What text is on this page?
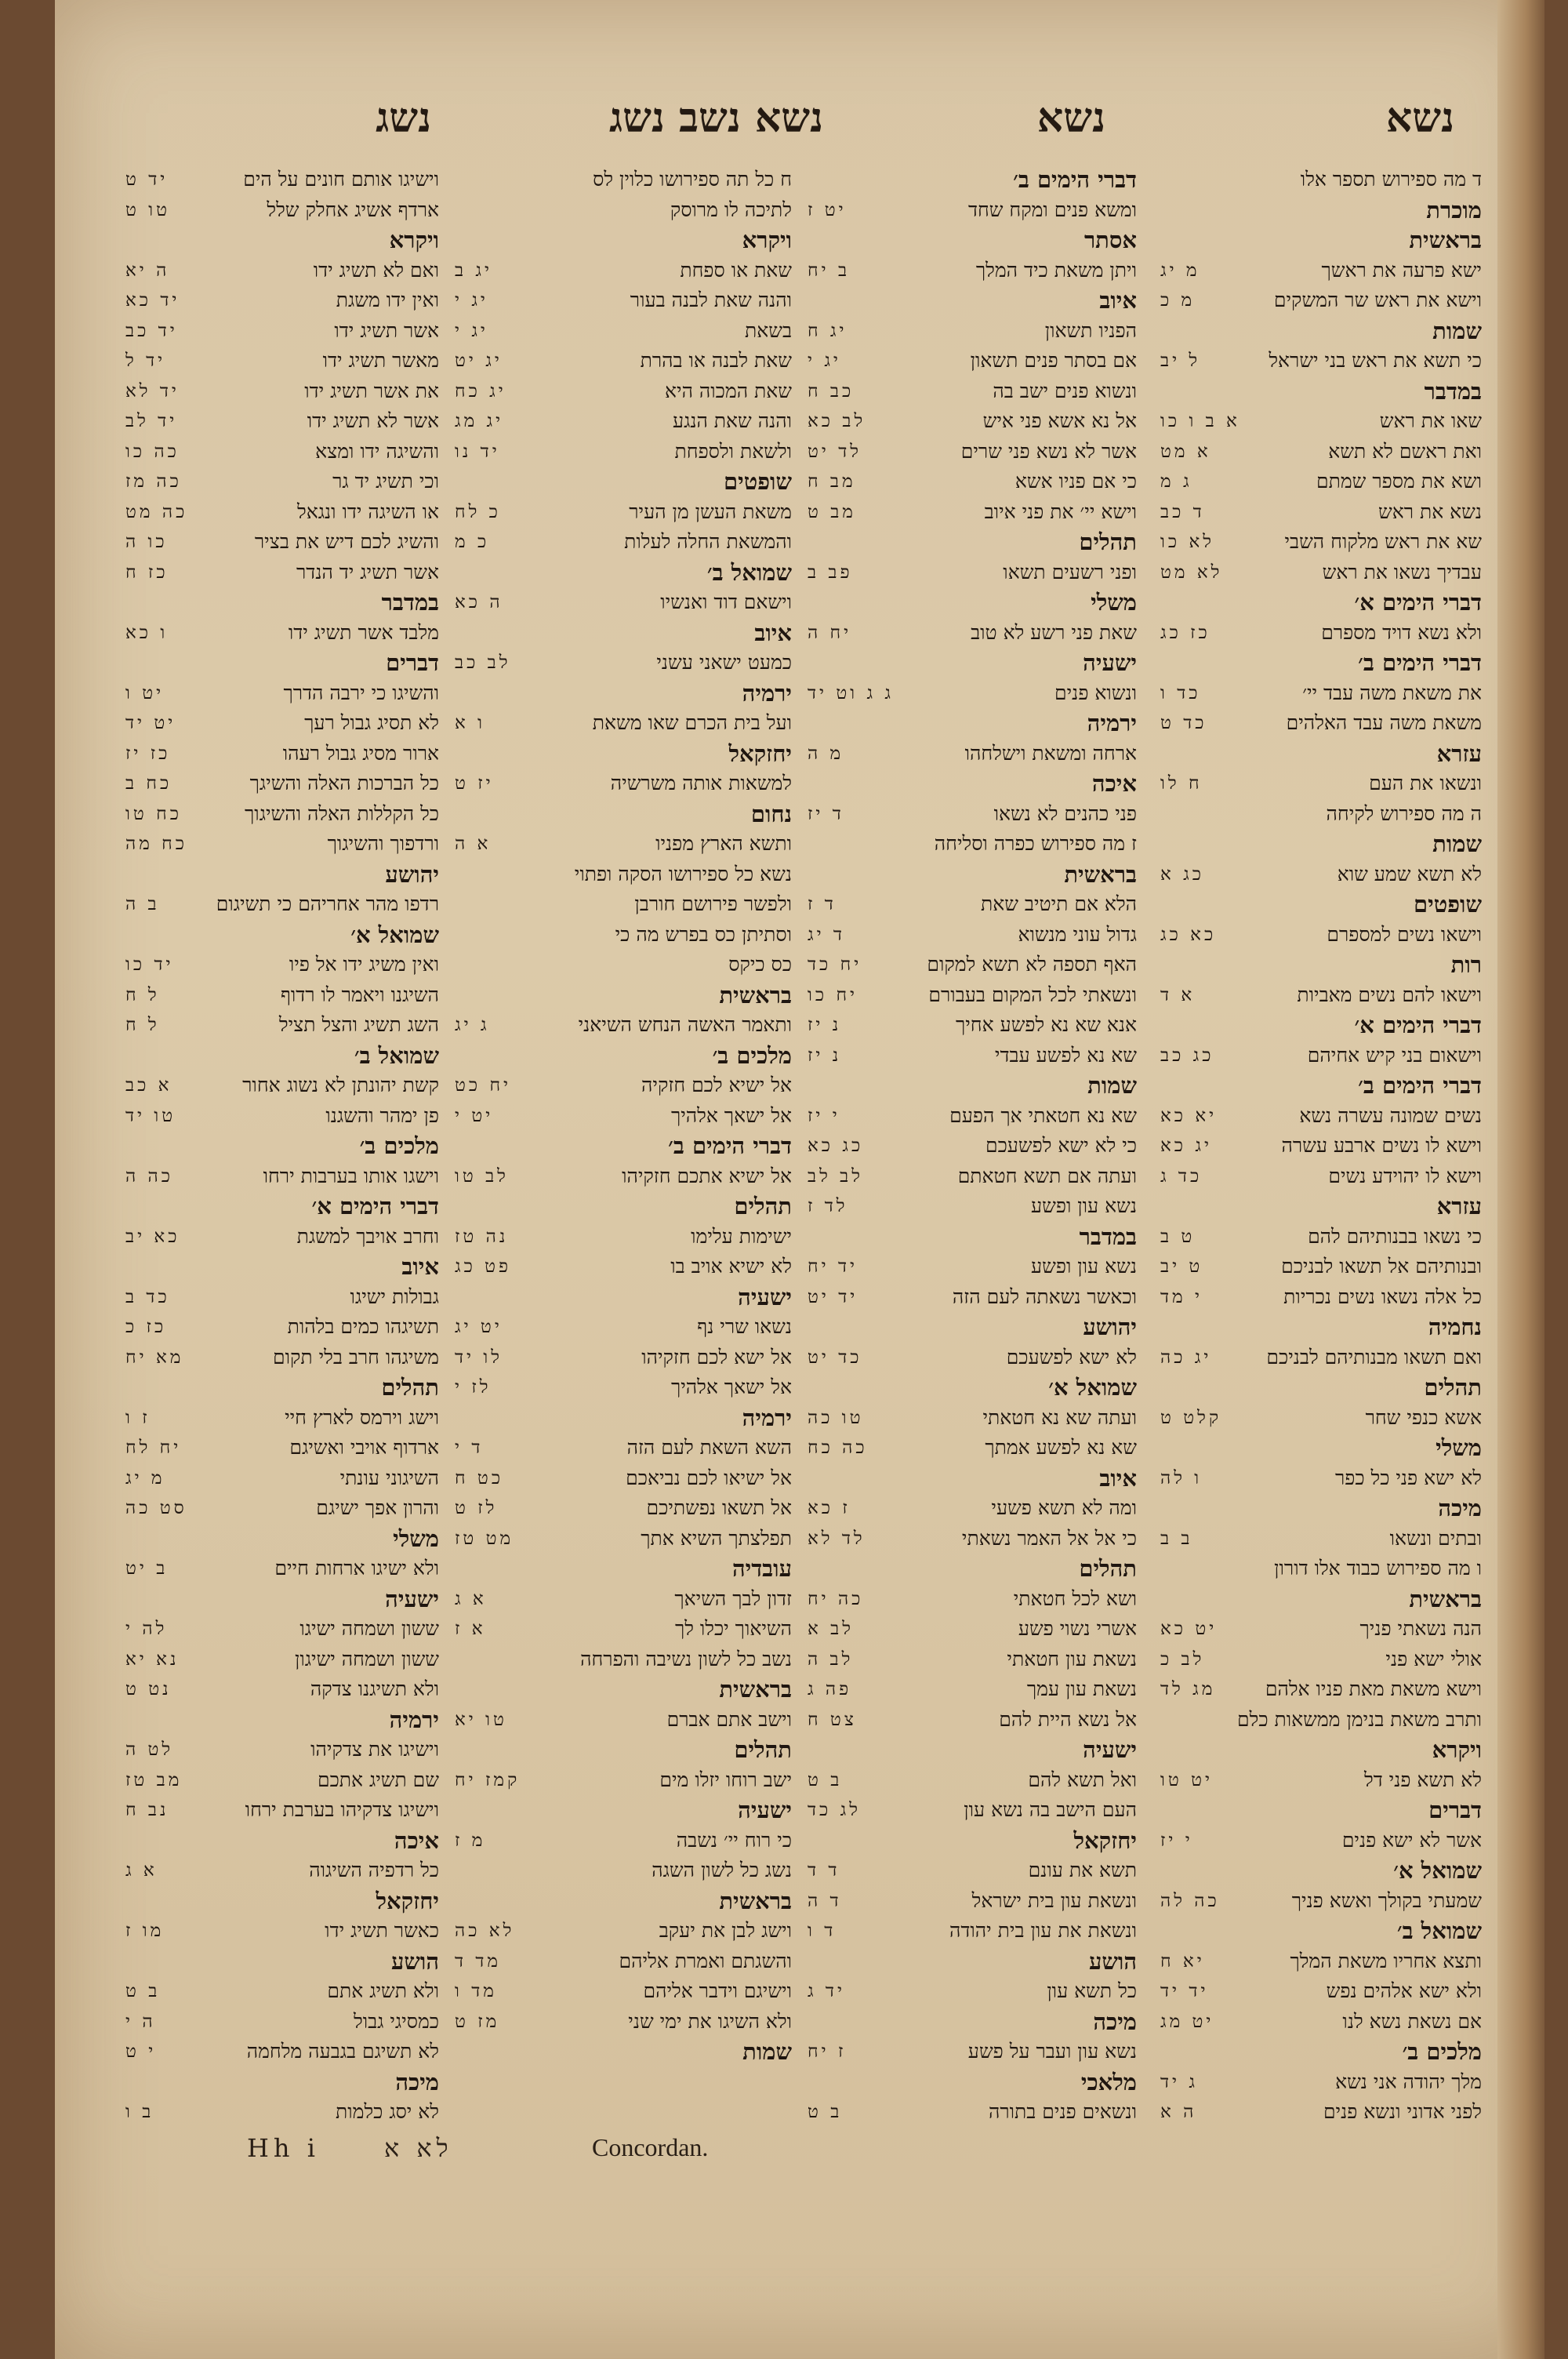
נשא
נשא
נשא נשב נשג
נשג
ד מה ספירוש תספר אלו
מוכרת
בראשית
ישא פרעה את ראשך
מ יג
וישא את ראש שר המשקים
מ כ
שמות
כי תשא את ראש בני ישראל
ל יב
במדבר
שאו את ראש
א ב ו כו
ואת ראשם לא תשא
א מט
ושא את מספר שמתם
ג מ
נשא את ראש
ד כב
שא את ראש מלקוח השבי
לא כו
עבדיך נשאו את ראש
לא מט
דברי הימים א׳
ולא נשא דויד מספרם
כז כג
דברי הימים ב׳
את משאת משה עבד יי׳
כד ו
משאת משה עבד האלהים
כד ט
עזרא
ונשאו את העם
ח לו
ה מה ספירוש לקיחה
שמות
לא תשא שמע שוא
כג א
שופטים
וישאו נשים למספרם
כא כג
רות
וישאו להם נשים מאביות
א ד
דברי הימים א׳
וישאום בני קיש אחיהם
כג כב
דברי הימים ב׳
נשים שמונה עשרה נשא
יא כא
וישא לו נשים ארבע עשרה
יג כא
וישא לו יהוידע נשים
כד ג
עזרא
כי נשאו בבנותיהם להם
ט ב
ובנותיהם אל תשאו לבניכם
ט יב
כל אלה נשאו נשים נכריות
י מד
נחמיה
ואם תשאו מבנותיהם לבניכם
יג כה
תהלים
אשא כנפי שחר
קלט ט
משלי
לא ישא פני כל כפר
ו לה
מיכה
ובתים ונשאו
ב ב
ו מה ספירוש כבוד אלו דורון
בראשית
הנה נשאתי פניך
יט כא
אולי ישא פני
לב כ
וישא משאת מאת פניו אלהם
מג לד
ותרב משאת בנימן ממשאות כלם
ויקרא
לא תשא פני דל
יט טו
דברים
אשר לא ישא פנים
י יז
שמואל א׳
שמעתי בקולך ואשא פניך
כה לה
שמואל ב׳
ותצא אחריו משאת המלך
יא ח
ולא ישא אלהים נפש
יד יד
אם נשאת נשא לנו
יט מג
מלכים ב׳
מלך יהודה אני נשא
ג יד
לפני אדוני ונשא פנים
ה א
דברי הימים ב׳
ומשא פנים ומקח שחד
יט ז
אסתר
ויתן משאת כיד המלך
ב יח
איוב
הפניו תשאון
יג ח
אם בסתר פנים תשאון
יג י
ונשוא פנים ישב בה
כב ח
אל נא אשא פני איש
לב כא
אשר לא נשא פני שרים
לד יט
כי אם פניו אשא
מב ח
וישא יי׳ את פני איוב
מב ט
תהלים
ופני רשעים תשאו
פב ב
משלי
שאת פני רשע לא טוב
יח ה
ישעיה
ונשוא פנים
ג ג וט יד
ירמיה
ארחה ומשאת וישלחהו
מ ה
איכה
פני כהנים לא נשאו
ד יז
ז מה ספירוש כפרה וסליחה
בראשית
הלא אם תיטיב שאת
ד ז
גדול עוני מנשוא
ד יג
האף תספה לא תשא למקום
יח כד
ונשאתי לכל המקום בעבורם
יח כו
אנא שא נא לפשע אחיך
נ יז
שא נא לפשע עבדי
נ יז
שמות
שא נא חטאתי אך הפעם
י יז
כי לא ישא לפשעכם
כג כא
ועתה אם תשא חטאתם
לב לב
נשא עון ופשע
לד ז
במדבר
נשא עון ופשע
יד יח
וכאשר נשאתה לעם הזה
יד יט
יהושע
לא ישא לפשעכם
כד יט
שמואל א׳
ועתה שא נא חטאתי
טו כה
שא נא לפשע אמתך
כה כח
איוב
ומה לא תשא פשעי
ז כא
כי אל אל האמר נשאתי
לד לא
תהלים
ושא לכל חטאתי
כה יח
אשרי נשוי פשע
לב א
נשאת עון חטאתי
לב ה
נשאת עון עמך
פה ג
אל נשא היית להם
צט ח
ישעיה
ואל תשא להם
ב ט
העם הישב בה נשא עון
לג כד
יחזקאל
תשא את עונם
ד ד
ונשאת עון בית ישראל
ד ה
ונשאת את עון בית יהודה
ד ו
הושע
כל תשא עון
יד ג
מיכה
נשא עון ועבר על פשע
ז יח
מלאכי
ונשאים פנים בתורה
ב ט
ח כל תה ספירושו כלוין לס
לתיכה לו מרוסק
ויקרא
שאת או ספחת
יג ב
והנה שאת לבנה בעור
יג י
בשאת
יג י
שאת לבנה או בהרת
יג יט
שאת המכוה היא
יג כח
והנה שאת הנגע
יג מג
ולשאת ולספחת
יד נו
שופטים
משאת העשן מן העיר
כ לח
והמשאת החלה לעלות
כ מ
שמואל ב׳
וישאם דוד ואנשיו
ה כא
איוב
כמעט ישאני עשני
לב כב
ירמיה
ועל בית הכרם שאו משאת
ו א
יחזקאל
למשאות אותה משרשיה
יז ט
נחום
ותשא הארץ מפניו
א ה
נשא כל ספירושו הסקה ופתוי
ולפשר פירושם חורבן
וסתיתן כס בפרש מה כי
כס כיקס
בראשית
ותאמר האשה הנחש השיאני
ג יג
מלכים ב׳
אל ישיא לכם חזקיה
יח כט
אל ישאך אלהיך
יט י
דברי הימים ב׳
אל ישיא אתכם חזקיהו
לב טו
תהלים
ישימות עלימו
נה טז
לא ישיא אויב בו
פט כג
ישעיה
נשאו שרי נף
יט יג
אל ישא לכם חזקיהו
לו יד
אל ישאך אלהיך
לז י
ירמיה
השא השאת לעם הזה
ד י
אל ישיאו לכם נביאכם
כט ח
אל תשאו נפשתיכם
לז ט
תפלצתך השיא אתך
מט טז
עובדיה
זדון לבך השיאך
א ג
השיאוך יכלו לך
א ז
נשב כל לשון נשיבה והפרחה
בראשית
וישב אתם אברם
טו יא
תהלים
ישב רוחו יזלו מים
קמז יח
ישעיה
כי רוח יי׳ נשבה
מ ז
נשג כל לשון השגה
בראשית
וישג לבן את יעקב
לא כה
והשגתם ואמרת אליהם
מד ד
וישיגם וידבר אליהם
מד ו
ולא השיגו את ימי שני
מז ט
שמות
וישיגו אותם חונים על הים
יד ט
ארדף אשיג אחלק שלל
טו ט
ויקרא
ואם לא תשיג ידו
ה יא
ואין ידו משגת
יד כא
אשר תשיג ידו
יד כב
מאשר תשיג ידו
יד ל
את אשר תשיג ידו
יד לא
אשר לא תשיג ידו
יד לב
והשיגה ידו ומצא
כה כו
וכי תשיג יד גר
כה מז
או השיגה ידו ונגאל
כה מט
והשיג לכם דיש את בציר
כו ה
אשר תשיג יד הנדר
כז ח
במדבר
מלבד אשר תשיג ידו
ו כא
דברים
והשיגו כי ירבה הדרך
יט ו
לא תסיג גבול רעך
יט יד
ארור מסיג גבול רעהו
כז יז
כל הברכות האלה והשיגך
כח ב
כל הקללות האלה והשיגוך
כח טו
ורדפוך והשיגוך
כח מה
יהושע
רדפו מהר אחריהם כי תשיגום
ב ה
שמואל א׳
ואין משיג ידו אל פיו
יד כו
השיגנו ויאמר לו רדוף
ל ח
השג תשיג והצל תציל
ל ח
שמואל ב׳
קשת יהונתן לא נשוג אחור
א כב
פן ימהר והשגנו
טו יד
מלכים ב׳
וישגו אותו בערבות ירחו
כה ה
דברי הימים א׳
וחרב אויבך למשגת
כא יב
איוב
גבולות ישיגו
כד ב
תשיגהו כמים בלהות
כז כ
משיגהו חרב בלי תקום
מא יח
תהלים
וישג וירמס לארץ חיי
ז ו
ארדוף אויבי ואשיגם
יח לח
השיגוני עונתי
מ יג
והרון אפך ישיגם
סט כה
משלי
ולא ישיגו ארחות חיים
ב יט
ישעיה
ששון ושמחה ישיגו
לה י
ששון ושמחה ישיגון
נא יא
ולא תשיגנו צדקה
נט ט
ירמיה
וישיגו את צדקיהו
לט ה
שם תשיג אתכם
מב טז
וישיגו צדקיהו בערבת ירחו
נב ח
איכה
כל רדפיה השיגוה
א ג
יחזקאל
כאשר תשיג ידו
מו ז
הושע
ולא תשיג אתם
ב ט
כמסיגי גבול
ה י
לא תשיגם בגבעה מלחמה
י ט
מיכה
לא יסג כלמות
ב ו
Hh i	לא א	Concordan.
